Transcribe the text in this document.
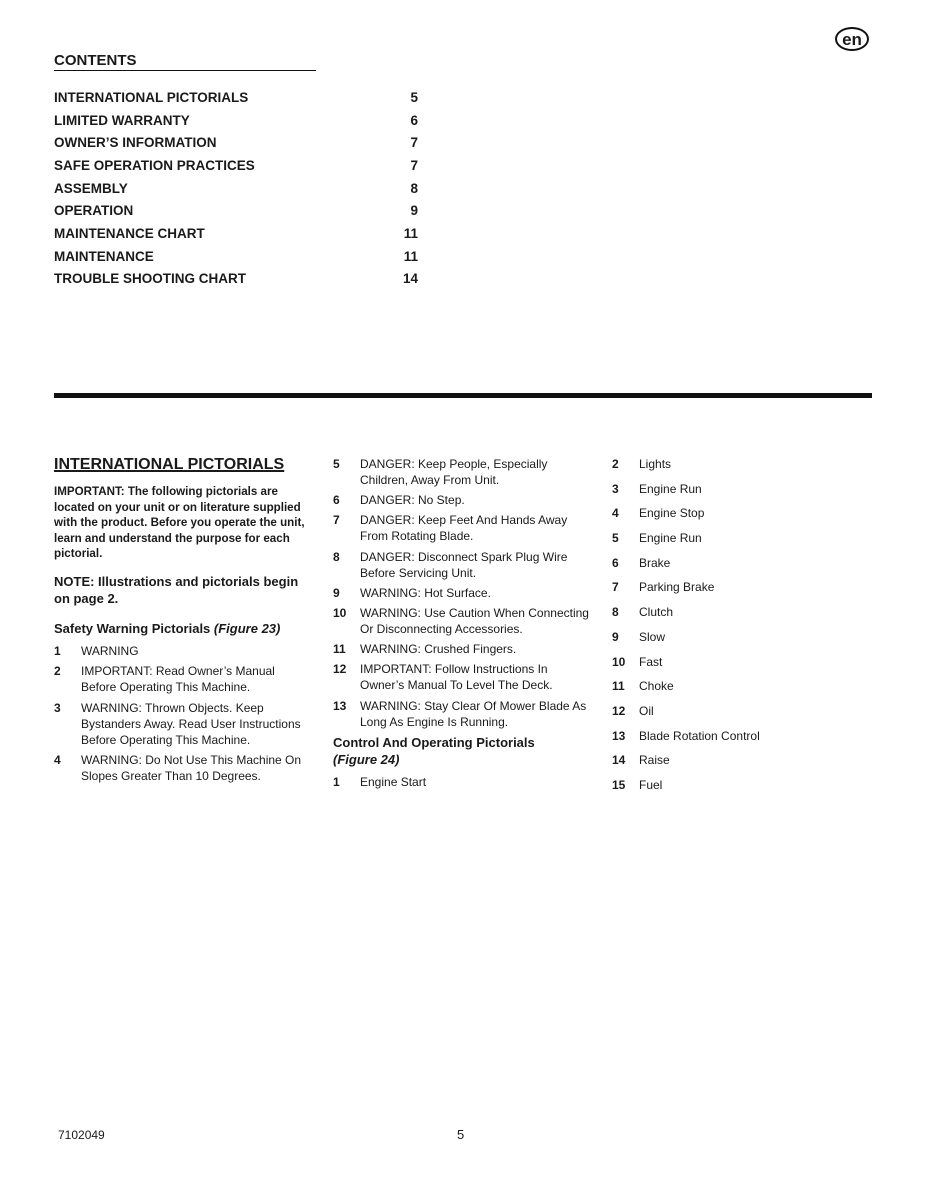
en
CONTENTS
INTERNATIONAL PICTORIALS	5
LIMITED WARRANTY	6
OWNER’S INFORMATION	7
SAFE OPERATION PRACTICES	7
ASSEMBLY	8
OPERATION	9
MAINTENANCE CHART	11
MAINTENANCE	11
TROUBLE SHOOTING CHART	14
INTERNATIONAL PICTORIALS
IMPORTANT: The following pictorials are located on your unit or on literature supplied with the product. Before you operate the unit, learn and understand the purpose for each pictorial.
NOTE: Illustrations and pictorials begin on page 2.
Safety Warning Pictorials (Figure 23)
1	WARNING
2	IMPORTANT: Read Owner’s Manual Before Operating This Machine.
3	WARNING: Thrown Objects. Keep Bystanders Away. Read User Instructions Before Operating This Machine.
4	WARNING: Do Not Use This Machine On Slopes Greater Than 10 Degrees.
5	DANGER: Keep People, Especially Children, Away From Unit.
6	DANGER: No Step.
7	DANGER: Keep Feet And Hands Away From Rotating Blade.
8	DANGER: Disconnect Spark Plug Wire Before Servicing Unit.
9	WARNING: Hot Surface.
10	WARNING: Use Caution When Connecting Or Disconnecting Accessories.
11	WARNING: Crushed Fingers.
12	IMPORTANT: Follow Instructions In Owner’s Manual To Level The Deck.
13	WARNING: Stay Clear Of Mower Blade As Long As Engine Is Running.
Control And Operating Pictorials
(Figure 24)
1	Engine Start
2	Lights
3	Engine Run
4	Engine Stop
5	Engine Run
6	Brake
7	Parking Brake
8	Clutch
9	Slow
10	Fast
11	Choke
12	Oil
13	Blade Rotation Control
14	Raise
15	Fuel
7102049	5
